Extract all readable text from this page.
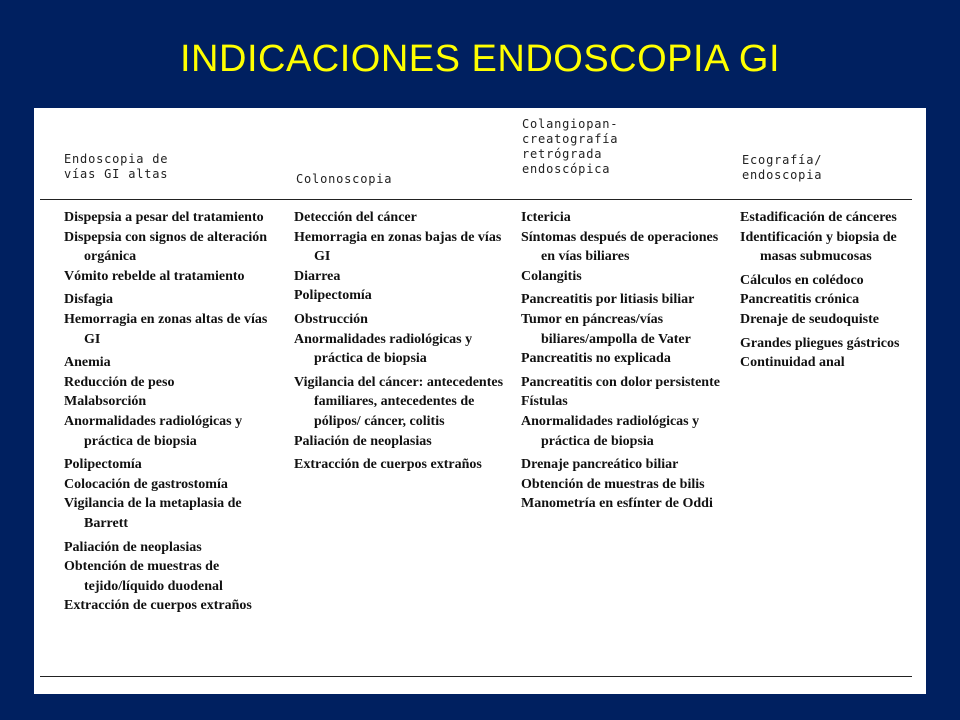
INDICACIONES ENDOSCOPIA GI
Endoscopia de
vías GI altas	Colonoscopia
Colangiopan-
creatografía
retrógrada
endoscópica
Ecografía/
endoscopia
Dispepsia a pesar del tratamiento
Dispepsia con signos de alteración orgánica
Vómito rebelde al tratamiento
Disfagia
Hemorragia en zonas altas de vías GI
Anemia
Reducción de peso
Malabsorción
Anormalidades radiológicas y práctica de biopsia
Polipectomía
Colocación de gastrostomía
Vigilancia de la metaplasia de Barrett
Paliación de neoplasias
Obtención de muestras de tejido/líquido duodenal
Extracción de cuerpos extraños
Detección del cáncer
Hemorragia en zonas bajas de vías GI
Diarrea
Polipectomía
Obstrucción
Anormalidades radiológicas y práctica de biopsia
Vigilancia del cáncer: antecedentes familiares, antecedentes de pólipos/ cáncer, colitis
Paliación de neoplasias
Extracción de cuerpos extraños
Ictericia
Síntomas después de operaciones en vías biliares
Colangitis
Pancreatitis por litiasis biliar
Tumor en páncreas/vías biliares/ampolla de Vater
Pancreatitis no explicada
Pancreatitis con dolor persistente
Fístulas
Anormalidades radiológicas y práctica de biopsia
Drenaje pancreático biliar
Obtención de muestras de bilis
Manometría en esfínter de Oddi
Estadificación de cánceres
Identificación y biopsia de masas submucosas
Cálculos en colédoco
Pancreatitis crónica
Drenaje de seudoquiste
Grandes pliegues gástricos
Continuidad anal
